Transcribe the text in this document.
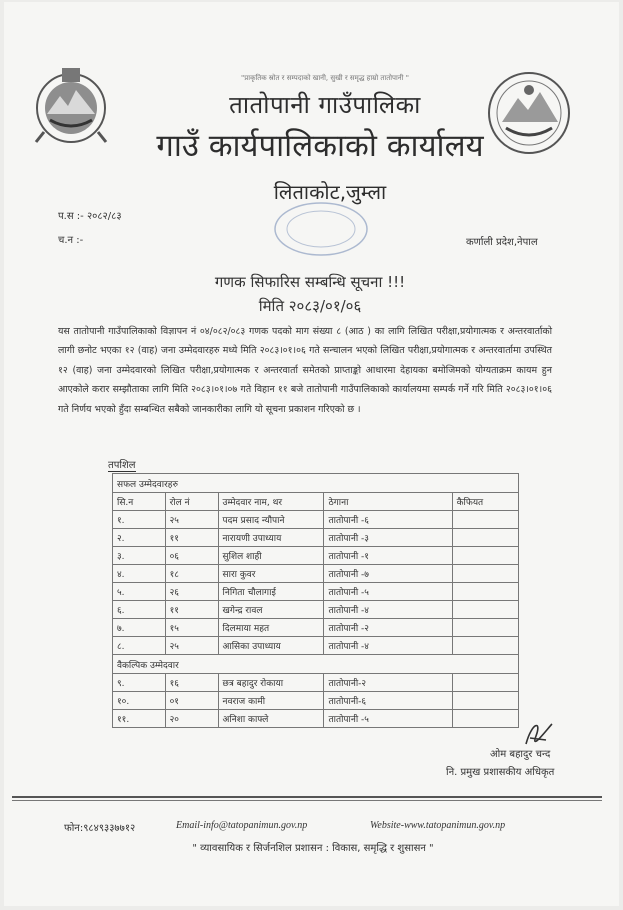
"प्राकृतिक स्रोत र सम्पदाको खानी, सुखी र समृद्ध हाम्रो तातोपानी "
तातोपानी गाउँपालिका
गाउँ कार्यपालिकाको कार्यालय
लिताकोट,जुम्ला
प.स :- २०८२/८३
च.न :-	कर्णाली प्रदेश,नेपाल
गणक सिफारिस सम्बन्धि सूचना !!!
मिति २०८३/०१/०६
यस तातोपानी गाउँपालिकाको विज्ञापन नं ०४/०८२/०८३ गणक पदको माग संख्या ८ (आठ ) का लागि लिखित परीक्षा,प्रयोगात्मक र अन्तरवार्ताको लागी छनोट भएका १२ (वाह) जना उम्मेदवारहरु मध्ये मिति २०८३।०१।०६ गते सन्चालन भएको लिखित परीक्षा,प्रयोगात्मक र अन्तरवार्तामा उपस्थित १२ (वाह) जना उम्मेदवारको लिखित परीक्षा,प्रयोगात्मक र अन्तरवार्ता समेतको प्राप्ताङ्को आधारमा देहायका बमोजिमको योग्यताक्रम कायम हुन आएकोले करार सम्झौताका लागि मिति २०८३।०१।०७ गते विहान ११ बजे तातोपानी गाउँपालिकाको कार्यालयमा सम्पर्क गर्ने गरि मिति २०८३।०१।०६ गते निर्णय भएको हुँदा सम्बन्धित सबैको जानकारीका लागि यो सूचना प्रकाशन गरिएको छ ।
तपशिल
सफल उम्मेदवारहरु				
सि.न	रोल नं	उम्मेदवार नाम, थर	ठेगाना	कैफियत
१.	२५	पदम प्रसाद न्यौपाने	तातोपानी -६	
२.	११	नारायणी उपाध्याय	तातोपानी -३	
३.	०६	सुशिल शाही	तातोपानी -१	
४.	१८	सारा कुवर	तातोपानी -७	
५.	२६	निगिता चौलागाई	तातोपानी -५	
६.	११	खगेन्द्र रावल	तातोपानी -४	
७.	१५	दिलमाया महत	तातोपानी -२	
८.	२५	आसिका उपाध्याय	तातोपानी -४	
वैकल्पिक उम्मेदवार				
९.	१६	छत्र बहादुर रोकाया	तातोपानी-२	
१०.	०१	नवराज कामी	तातोपानी-६	
११.	२०	अनिशा काफ्ले	तातोपानी -५	
ओम बहादुर चन्द
नि. प्रमुख प्रशासकीय अधिकृत
फोन:९८४९३३७७१२	Email-info@tatopanimun.gov.np	Website-www.tatopanimun.gov.np
" व्यावसायिक र सिर्जनशिल प्रशासन : विकास, समृद्धि र शुसासन "
